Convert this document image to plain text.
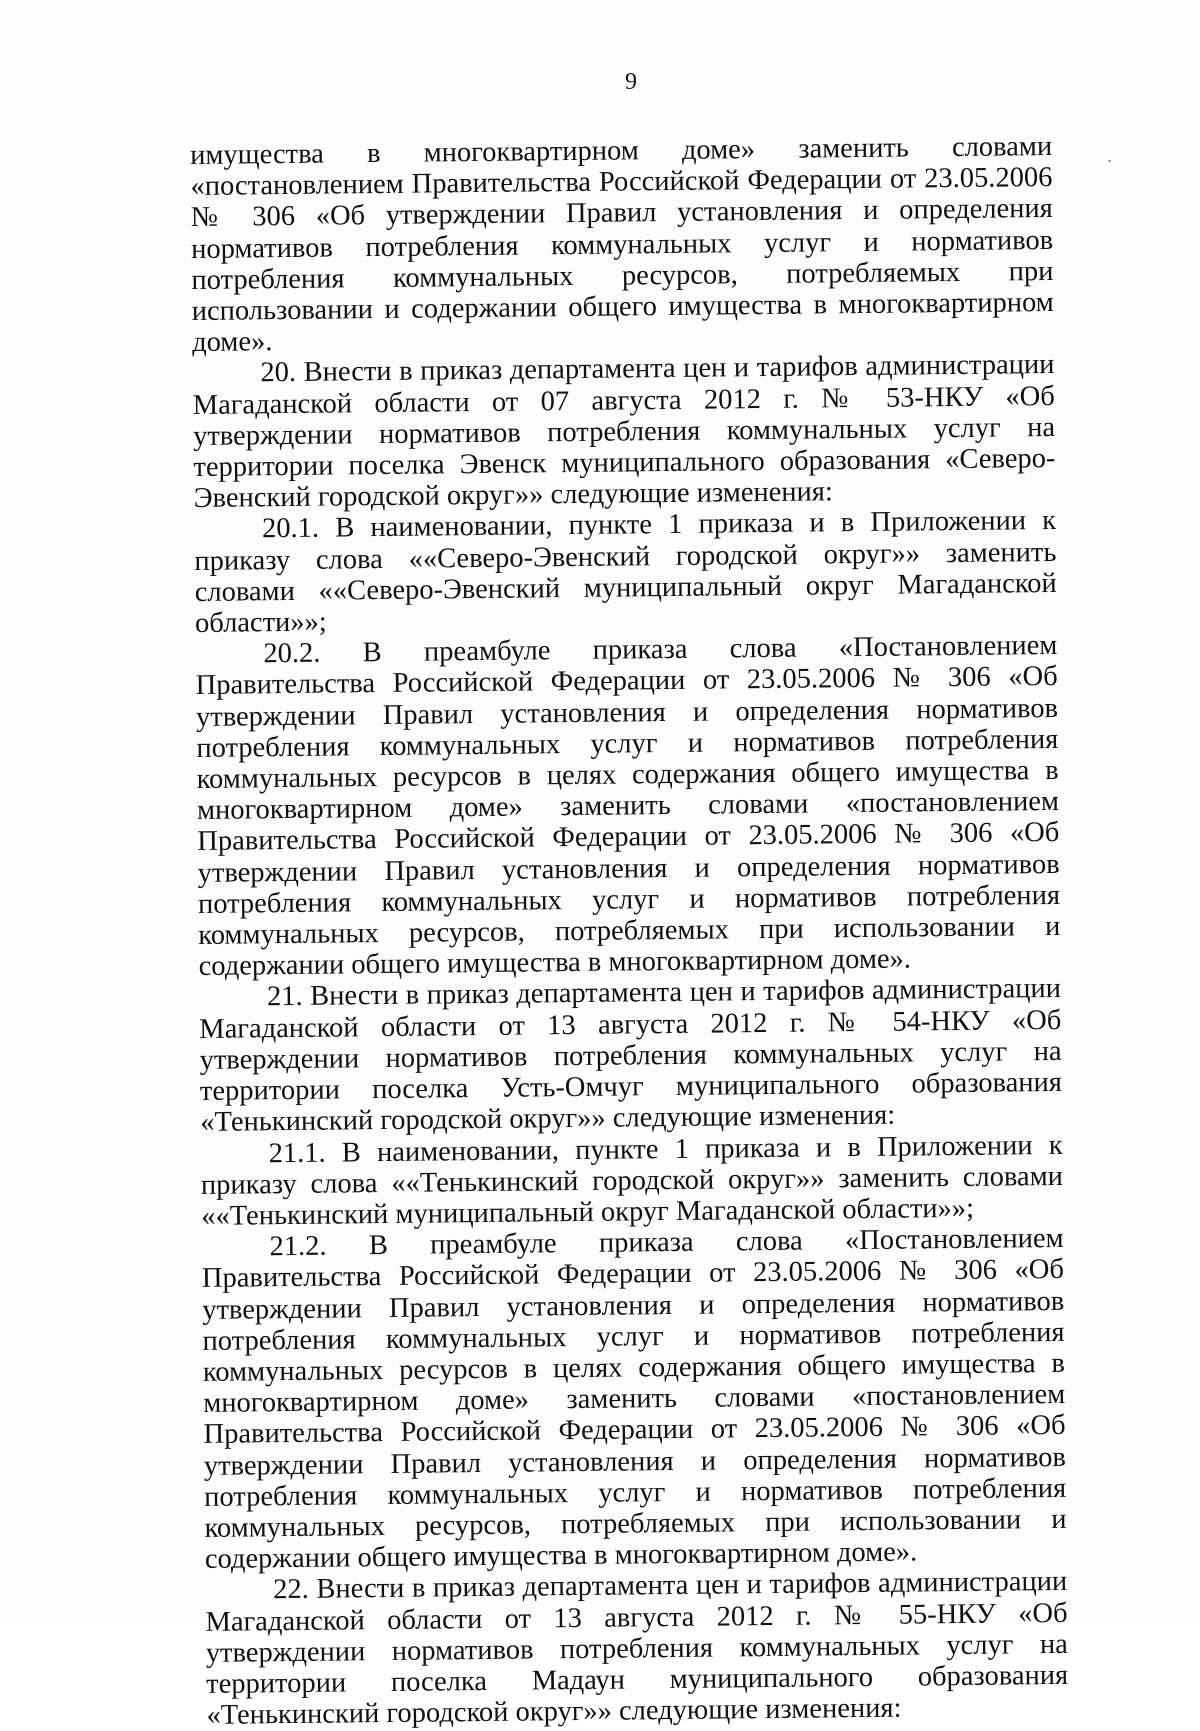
9

имущества в многоквартирном доме» заменить словами «постановлением Правительства Российской Федерации от 23.05.2006 № 306 «Об утверждении Правил установления и определения нормативов потребления коммунальных услуг и нормативов потребления коммунальных ресурсов, потребляемых при использовании и содержании общего имущества в многоквартирном доме».

20. Внести в приказ департамента цен и тарифов администрации Магаданской области от 07 августа 2012 г. № 53-НКУ «Об утверждении нормативов потребления коммунальных услуг на территории поселка Эвенск муниципального образования «Северо-Эвенский городской округ»» следующие изменения:

20.1. В наименовании, пункте 1 приказа и в Приложении к приказу слова ««Северо-Эвенский городской округ»» заменить словами ««Северо-Эвенский муниципальный округ Магаданской области»»;

20.2. В преамбуле приказа слова «Постановлением Правительства Российской Федерации от 23.05.2006 № 306 «Об утверждении Правил установления и определения нормативов потребления коммунальных услуг и нормативов потребления коммунальных ресурсов в целях содержания общего имущества в многоквартирном доме» заменить словами «постановлением Правительства Российской Федерации от 23.05.2006 № 306 «Об утверждении Правил установления и определения нормативов потребления коммунальных услуг и нормативов потребления коммунальных ресурсов, потребляемых при использовании и содержании общего имущества в многоквартирном доме».

21. Внести в приказ департамента цен и тарифов администрации Магаданской области от 13 августа 2012 г. № 54-НКУ «Об утверждении нормативов потребления коммунальных услуг на территории поселка Усть-Омчуг муниципального образования «Тенькинский городской округ»» следующие изменения:

21.1. В наименовании, пункте 1 приказа и в Приложении к приказу слова ««Тенькинский городской округ»» заменить словами ««Тенькинский муниципальный округ Магаданской области»»;

21.2. В преамбуле приказа слова «Постановлением Правительства Российской Федерации от 23.05.2006 № 306 «Об утверждении Правил установления и определения нормативов потребления коммунальных услуг и нормативов потребления коммунальных ресурсов в целях содержания общего имущества в многоквартирном доме» заменить словами «постановлением Правительства Российской Федерации от 23.05.2006 № 306 «Об утверждении Правил установления и определения нормативов потребления коммунальных услуг и нормативов потребления коммунальных ресурсов, потребляемых при использовании и содержании общего имущества в многоквартирном доме».

22. Внести в приказ департамента цен и тарифов администрации Магаданской области от 13 августа 2012 г. № 55-НКУ «Об утверждении нормативов потребления коммунальных услуг на территории поселка Мадаун муниципального образования «Тенькинский городской округ»» следующие изменения:
